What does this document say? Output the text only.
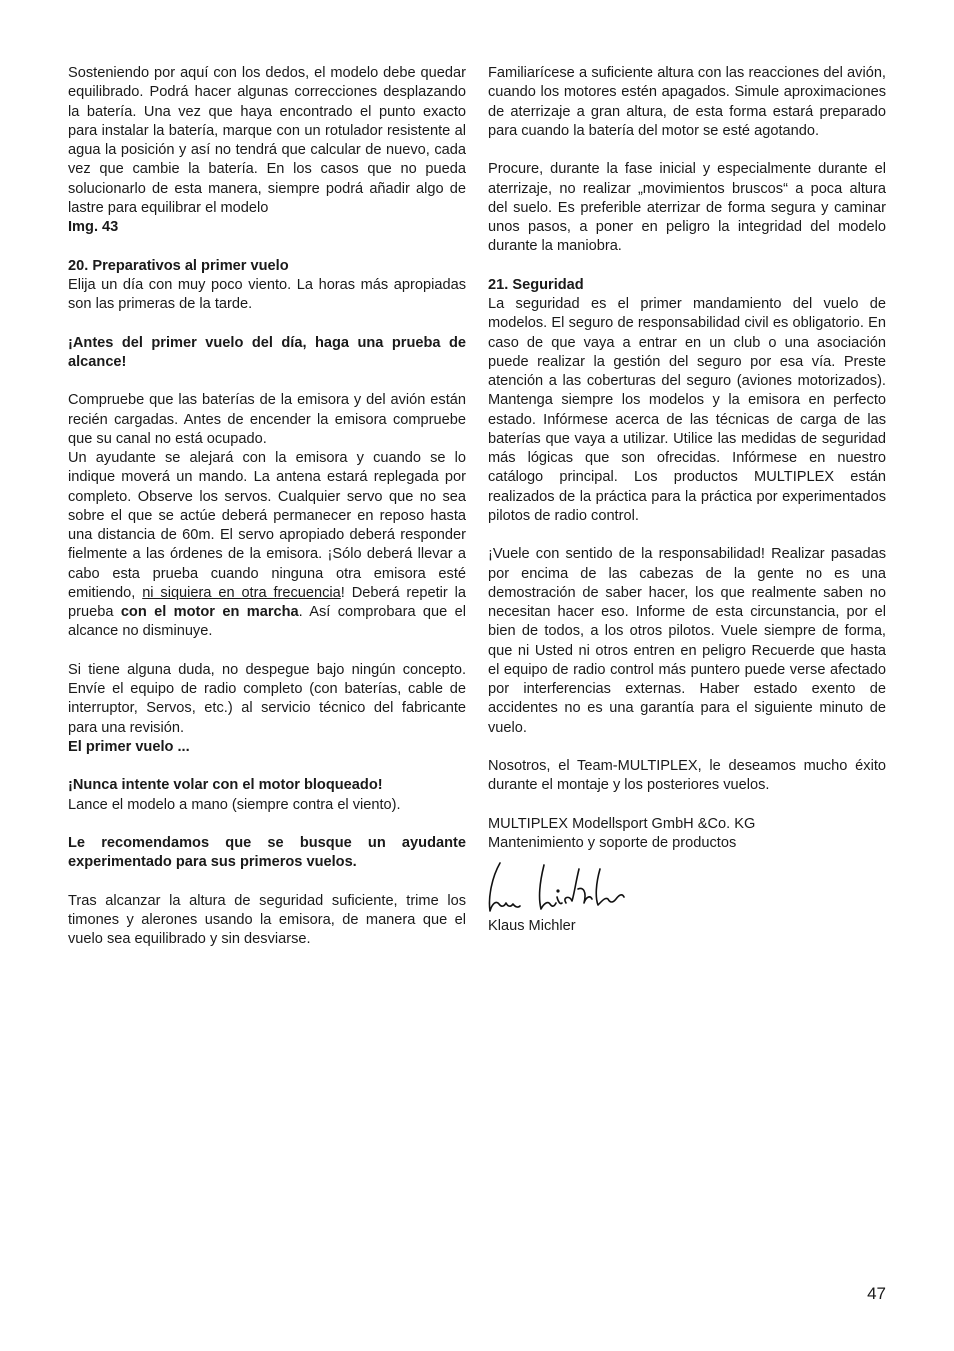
Sosteniendo por aquí con los dedos, el modelo debe quedar equilibrado. Podrá hacer algunas correcciones desplazando la batería. Una vez que haya encontrado el punto exacto para instalar la batería, marque con un rotulador resistente al agua la posición y así no tendrá que calcular de nuevo, cada vez que cambie la batería. En los casos que no pueda solucionarlo de esta manera, siempre podrá añadir algo de lastre para equilibrar el modelo
Img. 43

20. Preparativos al primer vuelo

Elija un día con muy poco viento. La horas más apropiadas son las primeras de la tarde.

¡Antes del primer vuelo del día, haga una prueba de alcance!

Compruebe que las baterías de la emisora y del avión están recién cargadas. Antes de encender la emisora compruebe que su canal no está ocupado.

Un ayudante se alejará con la emisora y cuando se lo indique moverá un mando. La antena estará replegada por completo. Observe los servos. Cualquier servo que no sea sobre el que se actúe deberá permanecer en reposo hasta una distancia de 60m. El servo apropiado deberá responder fielmente a las órdenes de la emisora. ¡Sólo deberá llevar a cabo esta prueba cuando ninguna otra emisora esté emitiendo, ni siquiera en otra frecuencia! Deberá repetir la prueba con el motor en marcha. Así comprobara que el alcance no disminuye.

Si tiene alguna duda, no despegue bajo ningún concepto. Envíe el equipo de radio completo (con baterías, cable de interruptor, Servos, etc.) al servicio técnico del fabricante para una revisión.

El primer vuelo ...

¡Nunca intente volar con el motor bloqueado!

Lance el modelo a mano (siempre contra el viento).

Le recomendamos que se busque un ayudante experimentado para sus primeros vuelos.

Tras alcanzar la altura de seguridad suficiente, trime los timones y alerones usando la emisora, de manera que el vuelo sea equilibrado y sin desviarse.

Familiarícese a suficiente altura con las reacciones del avión, cuando los motores estén apagados. Simule aproximaciones de aterrizaje a gran altura, de esta forma estará preparado para cuando la batería del motor se esté agotando.

Procure, durante la fase inicial y especialmente durante el aterrizaje, no realizar „movimientos bruscos“ a poca altura del suelo. Es preferible aterrizar de forma segura y caminar unos pasos, a poner en peligro la integridad del modelo durante la maniobra.

21. Seguridad

La seguridad es el primer mandamiento del vuelo de modelos. El seguro de responsabilidad civil es obligatorio. En caso de que vaya a entrar en un club o una asociación puede realizar la gestión del seguro por esa vía. Preste atención a las coberturas del seguro (aviones motorizados). Mantenga siempre los modelos y la emisora en perfecto estado. Infórmese acerca de las técnicas de carga de las baterías que vaya a utilizar. Utilice las medidas de seguridad más lógicas que son ofrecidas. Infórmese en nuestro catálogo principal. Los productos MULTIPLEX están realizados de la práctica para la práctica por experimentados pilotos de radio control.

¡Vuele con sentido de la responsabilidad! Realizar pasadas por encima de las cabezas de la gente no es una demostración de saber hacer, los que realmente saben no necesitan hacer eso. Informe de esta circunstancia, por el bien de todos, a los otros pilotos. Vuele siempre de forma, que ni Usted ni otros entren en peligro Recuerde que hasta el equipo de radio control más puntero puede verse afectado por interferencias externas. Haber estado exento de accidentes no es una garantía para el siguiente minuto de vuelo.

Nosotros, el Team-MULTIPLEX, le deseamos mucho éxito durante el montaje y los posteriores vuelos.

MULTIPLEX Modellsport GmbH &Co. KG

Mantenimiento y soporte de productos

Klaus Michler

47
